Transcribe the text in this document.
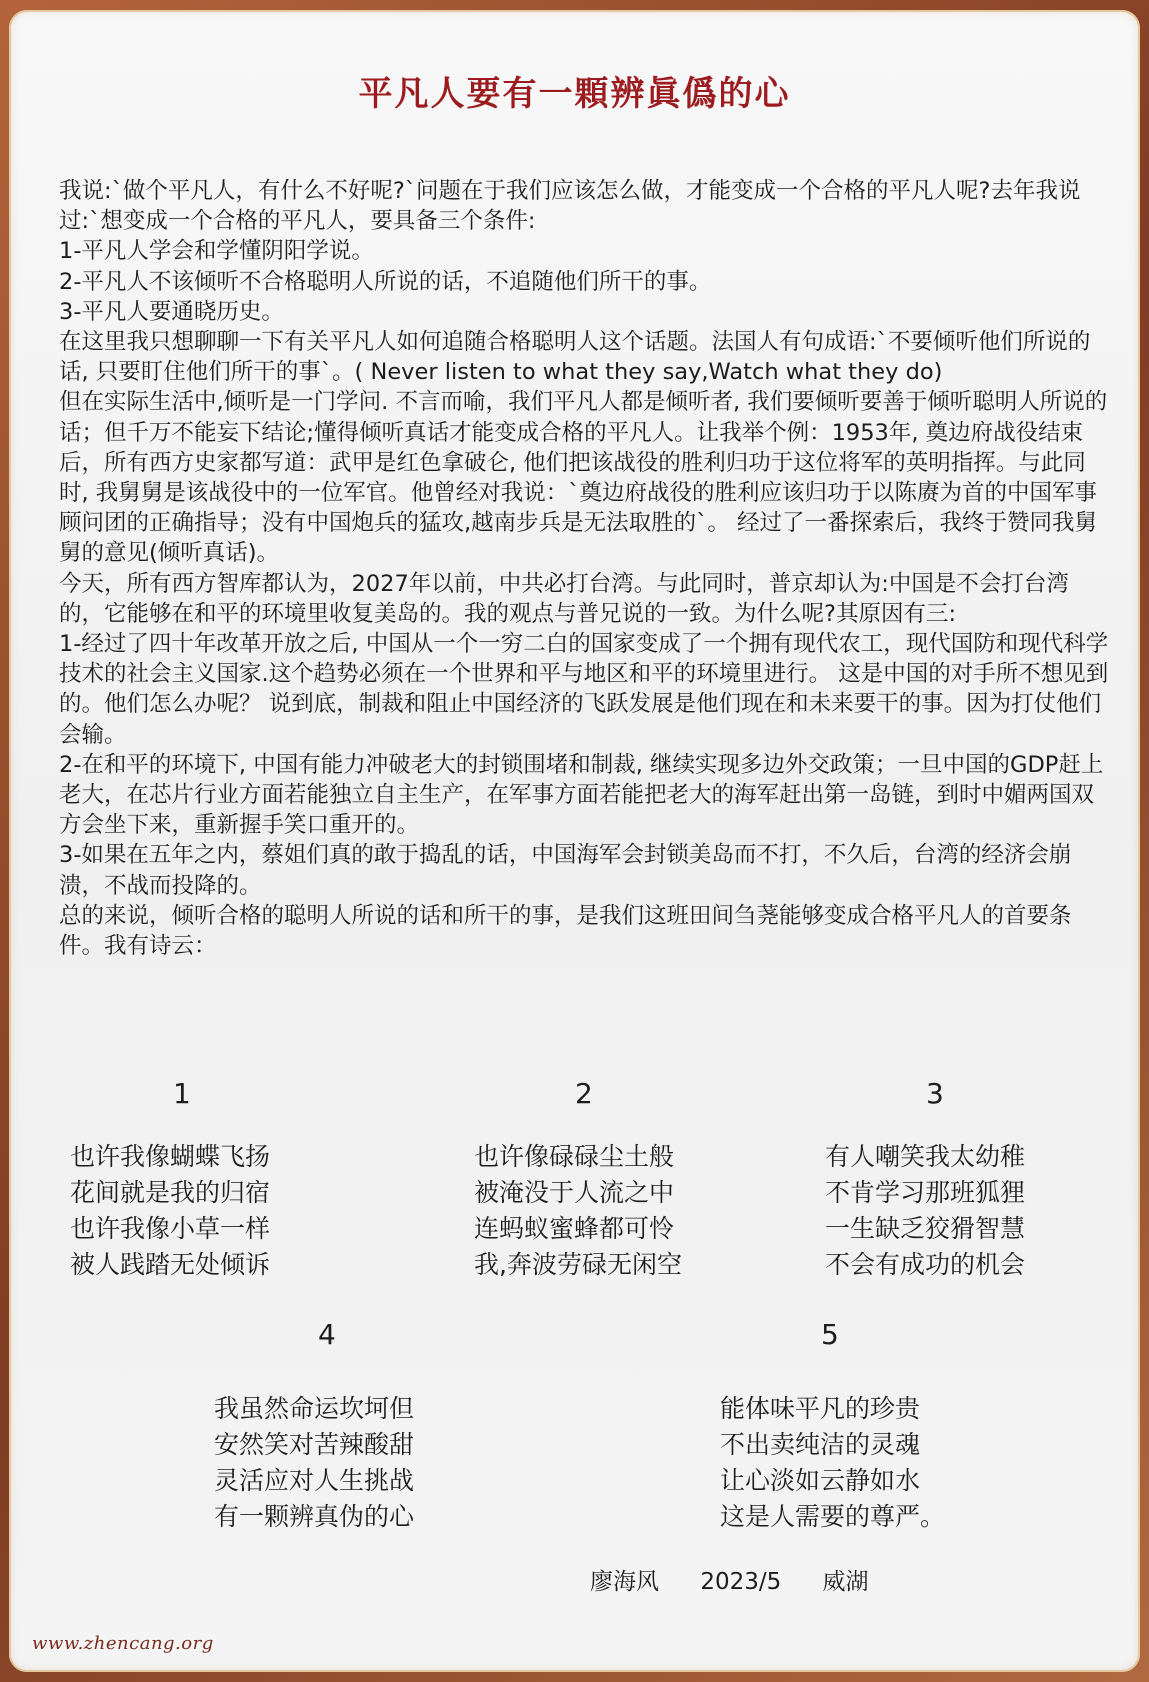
平凡人要有一顆辨眞僞的心

我说:`做个平凡人，有什么不好呢?`问题在于我们应该怎么做，才能变成一个合格的平凡人呢?去年我说过:`想变成一个合格的平凡人，要具备三个条件:

1-平凡人学会和学懂阴阳学说。

2-平凡人不该倾听不合格聪明人所说的话，不追随他们所干的事。

3-平凡人要通晓历史。

在这里我只想聊聊一下有关平凡人如何追随合格聪明人这个话题。法国人有句成语:`不要倾听他们所说的话, 只要盯住他们所干的事`。( Never listen to what they say,Watch what they do)

但在实际生活中,倾听是一门学问. 不言而喻，我们平凡人都是倾听者, 我们要倾听要善于倾听聪明人所说的话；但千万不能妄下结论;懂得倾听真话才能变成合格的平凡人。让我举个例：1953年, 奠边府战役结束后，所有西方史家都写道：武甲是红色拿破仑, 他们把该战役的胜利归功于这位将军的英明指挥。与此同时, 我舅舅是该战役中的一位军官。他曾经对我说：`奠边府战役的胜利应该归功于以陈赓为首的中国军事顾问团的正确指导；没有中国炮兵的猛攻,越南步兵是无法取胜的`。 经过了一番探索后，我终于赞同我舅舅的意见(倾听真话)。

今天，所有西方智库都认为，2027年以前，中共必打台湾。与此同时，普京却认为:中国是不会打台湾的，它能够在和平的环境里收复美岛的。我的观点与普兄说的一致。为什么呢?其原因有三:

1-经过了四十年改革开放之后, 中国从一个一穷二白的国家变成了一个拥有现代农工，现代国防和现代科学技术的社会主义国家.这个趋势必须在一个世界和平与地区和平的环境里进行。 这是中国的对手所不想见到的。他们怎么办呢？ 说到底，制裁和阻止中国经济的飞跃发展是他们现在和未来要干的事。因为打仗他们会输。

2-在和平的环境下, 中国有能力冲破老大的封锁围堵和制裁, 继续实现多边外交政策；一旦中国的GDP赶上老大，在芯片行业方面若能独立自主生产，在军事方面若能把老大的海军赶出第一岛链，到时中媚两国双方会坐下来，重新握手笑口重开的。

3-如果在五年之内，蔡姐们真的敢于捣乱的话，中国海军会封锁美岛而不打，不久后，台湾的经济会崩溃，不战而投降的。

总的来说，倾听合格的聪明人所说的话和所干的事，是我们这班田间刍荛能够变成合格平凡人的首要条件。我有诗云：

1
也许我像蝴蝶飞扬
花间就是我的归宿
也许我像小草一样
被人践踏无处倾诉
2
也许像碌碌尘土般
被淹没于人流之中
连蚂蚁蜜蜂都可怜
我,奔波劳碌无闲空
3
有人嘲笑我太幼稚
不肯学习那班狐狸
一生缺乏狡猾智慧
不会有成功的机会
4
我虽然命运坎坷但
安然笑对苦辣酸甜
灵活应对人生挑战
有一颗辨真伪的心
5
能体味平凡的珍贵
不出卖纯洁的灵魂
让心淡如云静如水
这是人需要的尊严。
廖海风 2023/5 威湖
www.zhencang.org
